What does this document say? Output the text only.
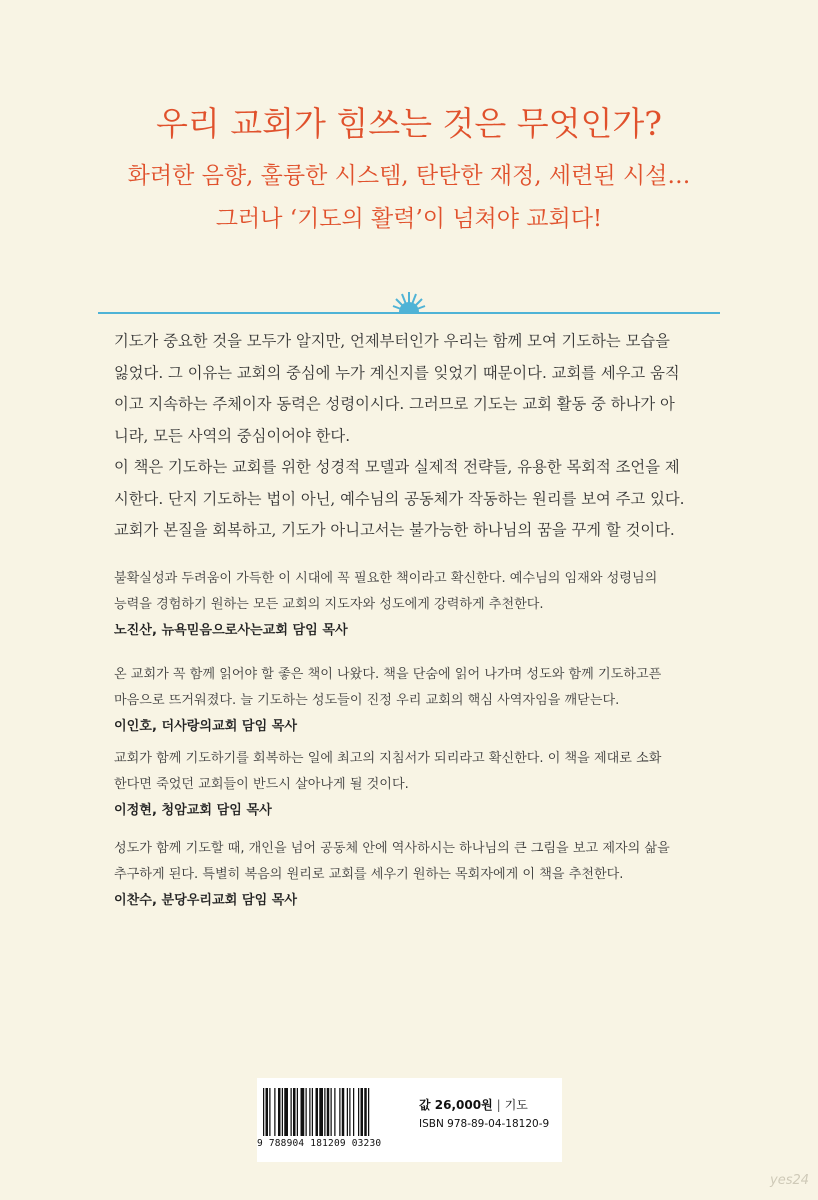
우리 교회가 힘쓰는 것은 무엇인가?
화려한 음향, 훌륭한 시스템, 탄탄한 재정, 세련된 시설…
그러나 ‘기도의 활력’이 넘쳐야 교회다!

기도가 중요한 것을 모두가 알지만, 언제부터인가 우리는 함께 모여 기도하는 모습을

잃었다. 그 이유는 교회의 중심에 누가 계신지를 잊었기 때문이다. 교회를 세우고 움직

이고 지속하는 주체이자 동력은 성령이시다. 그러므로 기도는 교회 활동 중 하나가 아

니라, 모든 사역의 중심이어야 한다.

이 책은 기도하는 교회를 위한 성경적 모델과 실제적 전략들, 유용한 목회적 조언을 제

시한다. 단지 기도하는 법이 아닌, 예수님의 공동체가 작동하는 원리를 보여 주고 있다.

교회가 본질을 회복하고, 기도가 아니고서는 불가능한 하나님의 꿈을 꾸게 할 것이다.

불확실성과 두려움이 가득한 이 시대에 꼭 필요한 책이라고 확신한다. 예수님의 임재와 성령님의

능력을 경험하기 원하는 모든 교회의 지도자와 성도에게 강력하게 추천한다.

노진산, 뉴욕믿음으로사는교회 담임 목사

온 교회가 꼭 함께 읽어야 할 좋은 책이 나왔다. 책을 단숨에 읽어 나가며 성도와 함께 기도하고픈

마음으로 뜨거워졌다. 늘 기도하는 성도들이 진정 우리 교회의 핵심 사역자임을 깨닫는다.

이인호, 더사랑의교회 담임 목사

교회가 함께 기도하기를 회복하는 일에 최고의 지침서가 되리라고 확신한다. 이 책을 제대로 소화

한다면 죽었던 교회들이 반드시 살아나게 될 것이다.

이정현, 청암교회 담임 목사

성도가 함께 기도할 때, 개인을 넘어 공동체 안에 역사하시는 하나님의 큰 그림을 보고 제자의 삶을

추구하게 된다. 특별히 복음의 원리로 교회를 세우기 원하는 목회자에게 이 책을 추천한다.

이찬수, 분당우리교회 담임 목사

9 788904 181209 03230
값 26,000원 | 기도
ISBN 978-89-04-18120-9
yes24
